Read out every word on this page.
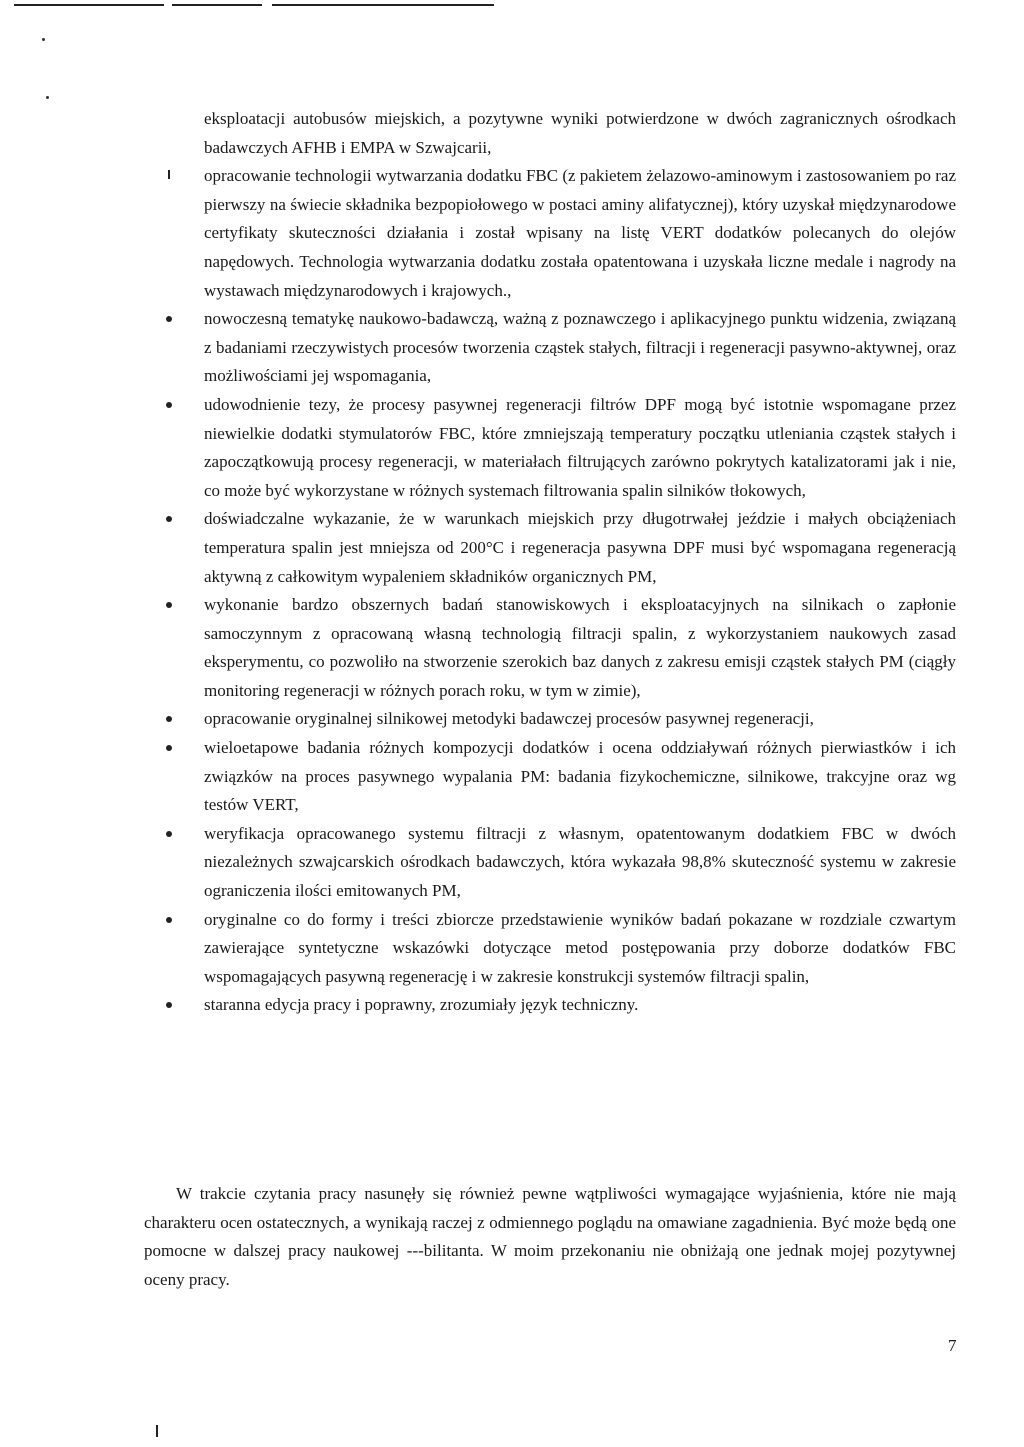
eksploatacji autobusów miejskich, a pozytywne wyniki potwierdzone w dwóch zagranicznych ośrodkach badawczych AFHB i EMPA w Szwajcarii,
opracowanie technologii wytwarzania dodatku FBC (z pakietem żelazowo-aminowym i zastosowaniem po raz pierwszy na świecie składnika bezpopiołowego w postaci aminy alifatycznej), który uzyskał międzynarodowe certyfikaty skuteczności działania i został wpisany na listę VERT dodatków polecanych do olejów napędowych. Technologia wytwarzania dodatku została opatentowana i uzyskała liczne medale i nagrody na wystawach międzynarodowych i krajowych.,
nowoczesną tematykę naukowo-badawczą, ważną z poznawczego i aplikacyjnego punktu widzenia, związaną z badaniami rzeczywistych procesów tworzenia cząstek stałych, filtracji i regeneracji pasywno-aktywnej, oraz możliwościami jej wspomagania,
udowodnienie tezy, że procesy pasywnej regeneracji filtrów DPF mogą być istotnie wspomagane przez niewielkie dodatki stymulatorów FBC, które zmniejszają temperatury początku utleniania cząstek stałych i zapoczątkowują procesy regeneracji, w materiałach filtrujących zarówno pokrytych katalizatorami jak i nie, co może być wykorzystane w różnych systemach filtrowania spalin silników tłokowych,
doświadczalne wykazanie, że w warunkach miejskich przy długotrwałej jeździe i małych obciążeniach temperatura spalin jest mniejsza od 200°C i regeneracja pasywna DPF musi być wspomagana regeneracją aktywną z całkowitym wypaleniem składników organicznych PM,
wykonanie bardzo obszernych badań stanowiskowych i eksploatacyjnych na silnikach o zapłonie samoczynnym z opracowaną własną technologią filtracji spalin, z wykorzystaniem naukowych zasad eksperymentu, co pozwoliło na stworzenie szerokich baz danych z zakresu emisji cząstek stałych PM (ciągły monitoring regeneracji w różnych porach roku, w tym w zimie),
opracowanie oryginalnej silnikowej metodyki badawczej procesów pasywnej regeneracji,
wieloetapowe badania różnych kompozycji dodatków i ocena oddziaływań różnych pierwiastków i ich związków na proces pasywnego wypalania PM: badania fizykochemiczne, silnikowe, trakcyjne oraz wg testów VERT,
weryfikacja opracowanego systemu filtracji z własnym, opatentowanym dodatkiem FBC w dwóch niezależnych szwajcarskich ośrodkach badawczych, która wykazała 98,8% skuteczność systemu w zakresie ograniczenia ilości emitowanych PM,
oryginalne co do formy i treści zbiorcze przedstawienie wyników badań pokazane w rozdziale czwartym zawierające syntetyczne wskazówki dotyczące metod postępowania przy doborze dodatków FBC wspomagających pasywną regenerację i w zakresie konstrukcji systemów filtracji spalin,
staranna edycja pracy i poprawny, zrozumiały język techniczny.

W trakcie czytania pracy nasunęły się również pewne wątpliwości wymagające wyjaśnienia, które nie mają charakteru ocen ostatecznych, a wynikają raczej z odmiennego poglądu na omawiane zagadnienia. Być może będą one pomocne w dalszej pracy naukowej ---bilitanta. W moim przekonaniu nie obniżają one jednak mojej pozytywnej oceny pracy.

7
